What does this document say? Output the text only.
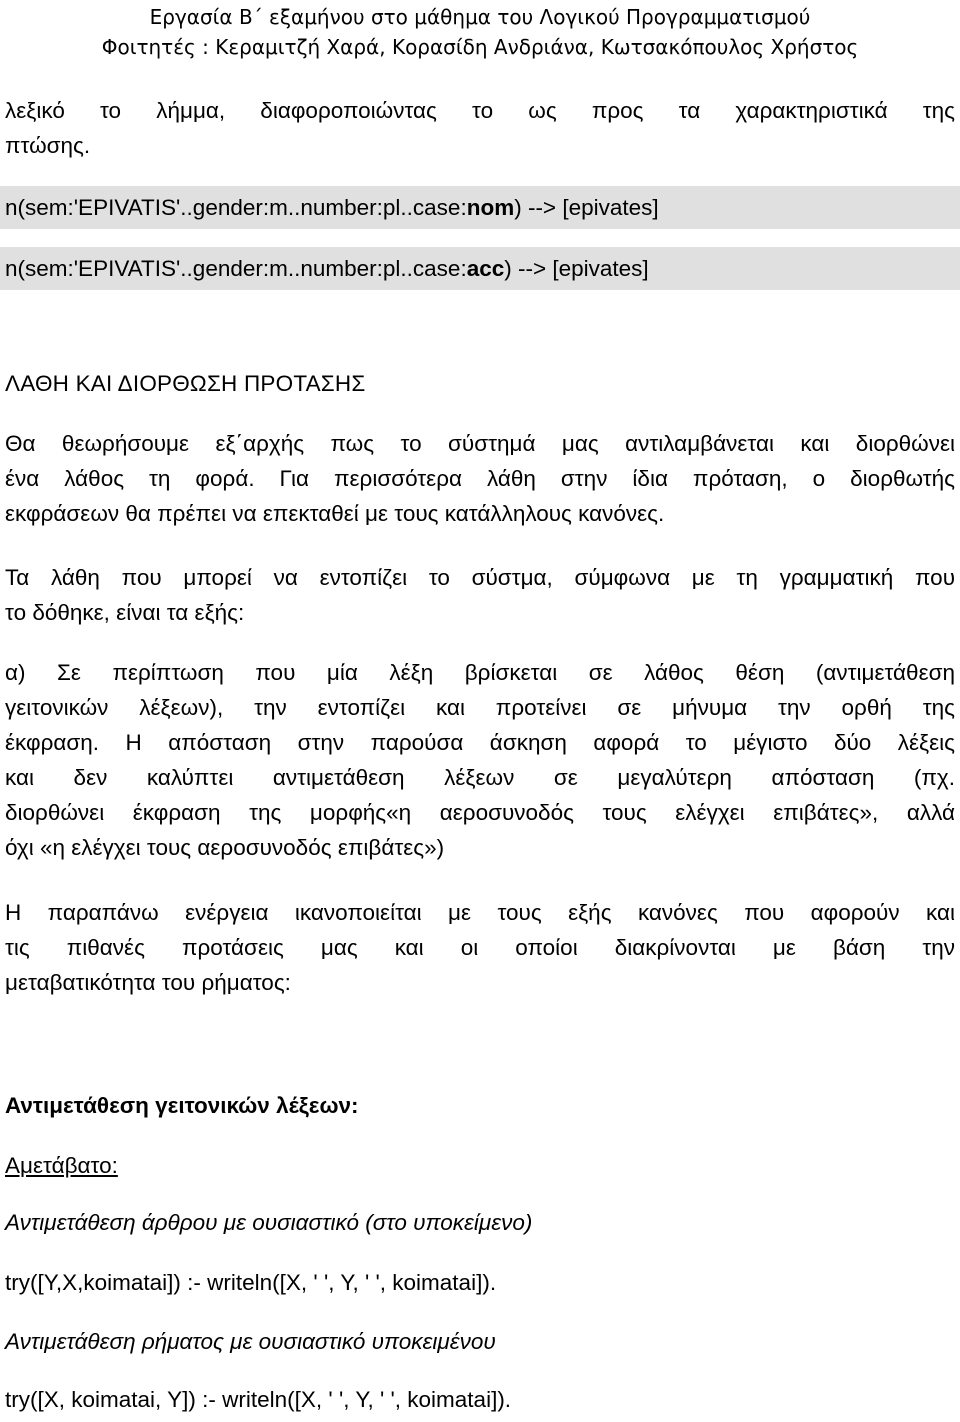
Εργασία Β΄ εξαμήνου στο μάθημα του Λογικού Προγραμματισμού
Φοιτητές : Κεραμιτζή Χαρά, Κορασίδη Ανδριάνα, Κωτσακόπουλος Χρήστος
λεξικό το λήμμα, διαφοροποιώντας το ως προς τα χαρακτηριστικά της
πτώσης.
n(sem:'EPIVATIS'..gender:m..number:pl..case:nom) --> [epivates]
n(sem:'EPIVATIS'..gender:m..number:pl..case:acc) --> [epivates]
ΛΑΘΗ ΚΑΙ ΔΙΟΡΘΩΣΗ ΠΡΟΤΑΣΗΣ
Θα θεωρήσουμε εξ΄αρχής πως το σύστημά μας αντιλαμβάνεται και διορθώνει
ένα λάθος τη φορά. Για περισσότερα λάθη στην ίδια πρόταση, ο διορθωτής
εκφράσεων θα πρέπει να επεκταθεί με τους κατάλληλους κανόνες.
Τα λάθη που μπορεί να εντοπίζει το σύστμα, σύμφωνα με τη γραμματική που
το δόθηκε, είναι τα εξής:
α) Σε περίπτωση που μία λέξη βρίσκεται σε λάθος θέση (αντιμετάθεση
γειτονικών λέξεων), την εντοπίζει και προτείνει σε μήνυμα την ορθή της
έκφραση. Η απόσταση στην παρούσα άσκηση αφορά το μέγιστο δύο λέξεις
και δεν καλύπτει αντιμετάθεση λέξεων σε μεγαλύτερη απόσταση (πχ.
διορθώνει έκφραση της μορφής«η αεροσυνοδός τους ελέγχει επιβάτες», αλλά
όχι «η ελέγχει τους αεροσυνοδός επιβάτες»)
Η παραπάνω ενέργεια ικανοποιείται με τους εξής κανόνες που αφορούν και
τις πιθανές προτάσεις μας και οι οποίοι διακρίνονται με βάση την
μεταβατικότητα του ρήματος:
Αντιμετάθεση γειτονικών λέξεων:
Αμετάβατο:
Αντιμετάθεση άρθρου με ουσιαστικό (στο υποκείμενο)
try([Y,X,koimatai]) :- writeln([X, ' ', Y, ' ', koimatai]).
Αντιμετάθεση ρήματος με ουσιαστικό υποκειμένου
try([X, koimatai, Y]) :- writeln([X, ' ', Y, ' ', koimatai]).
